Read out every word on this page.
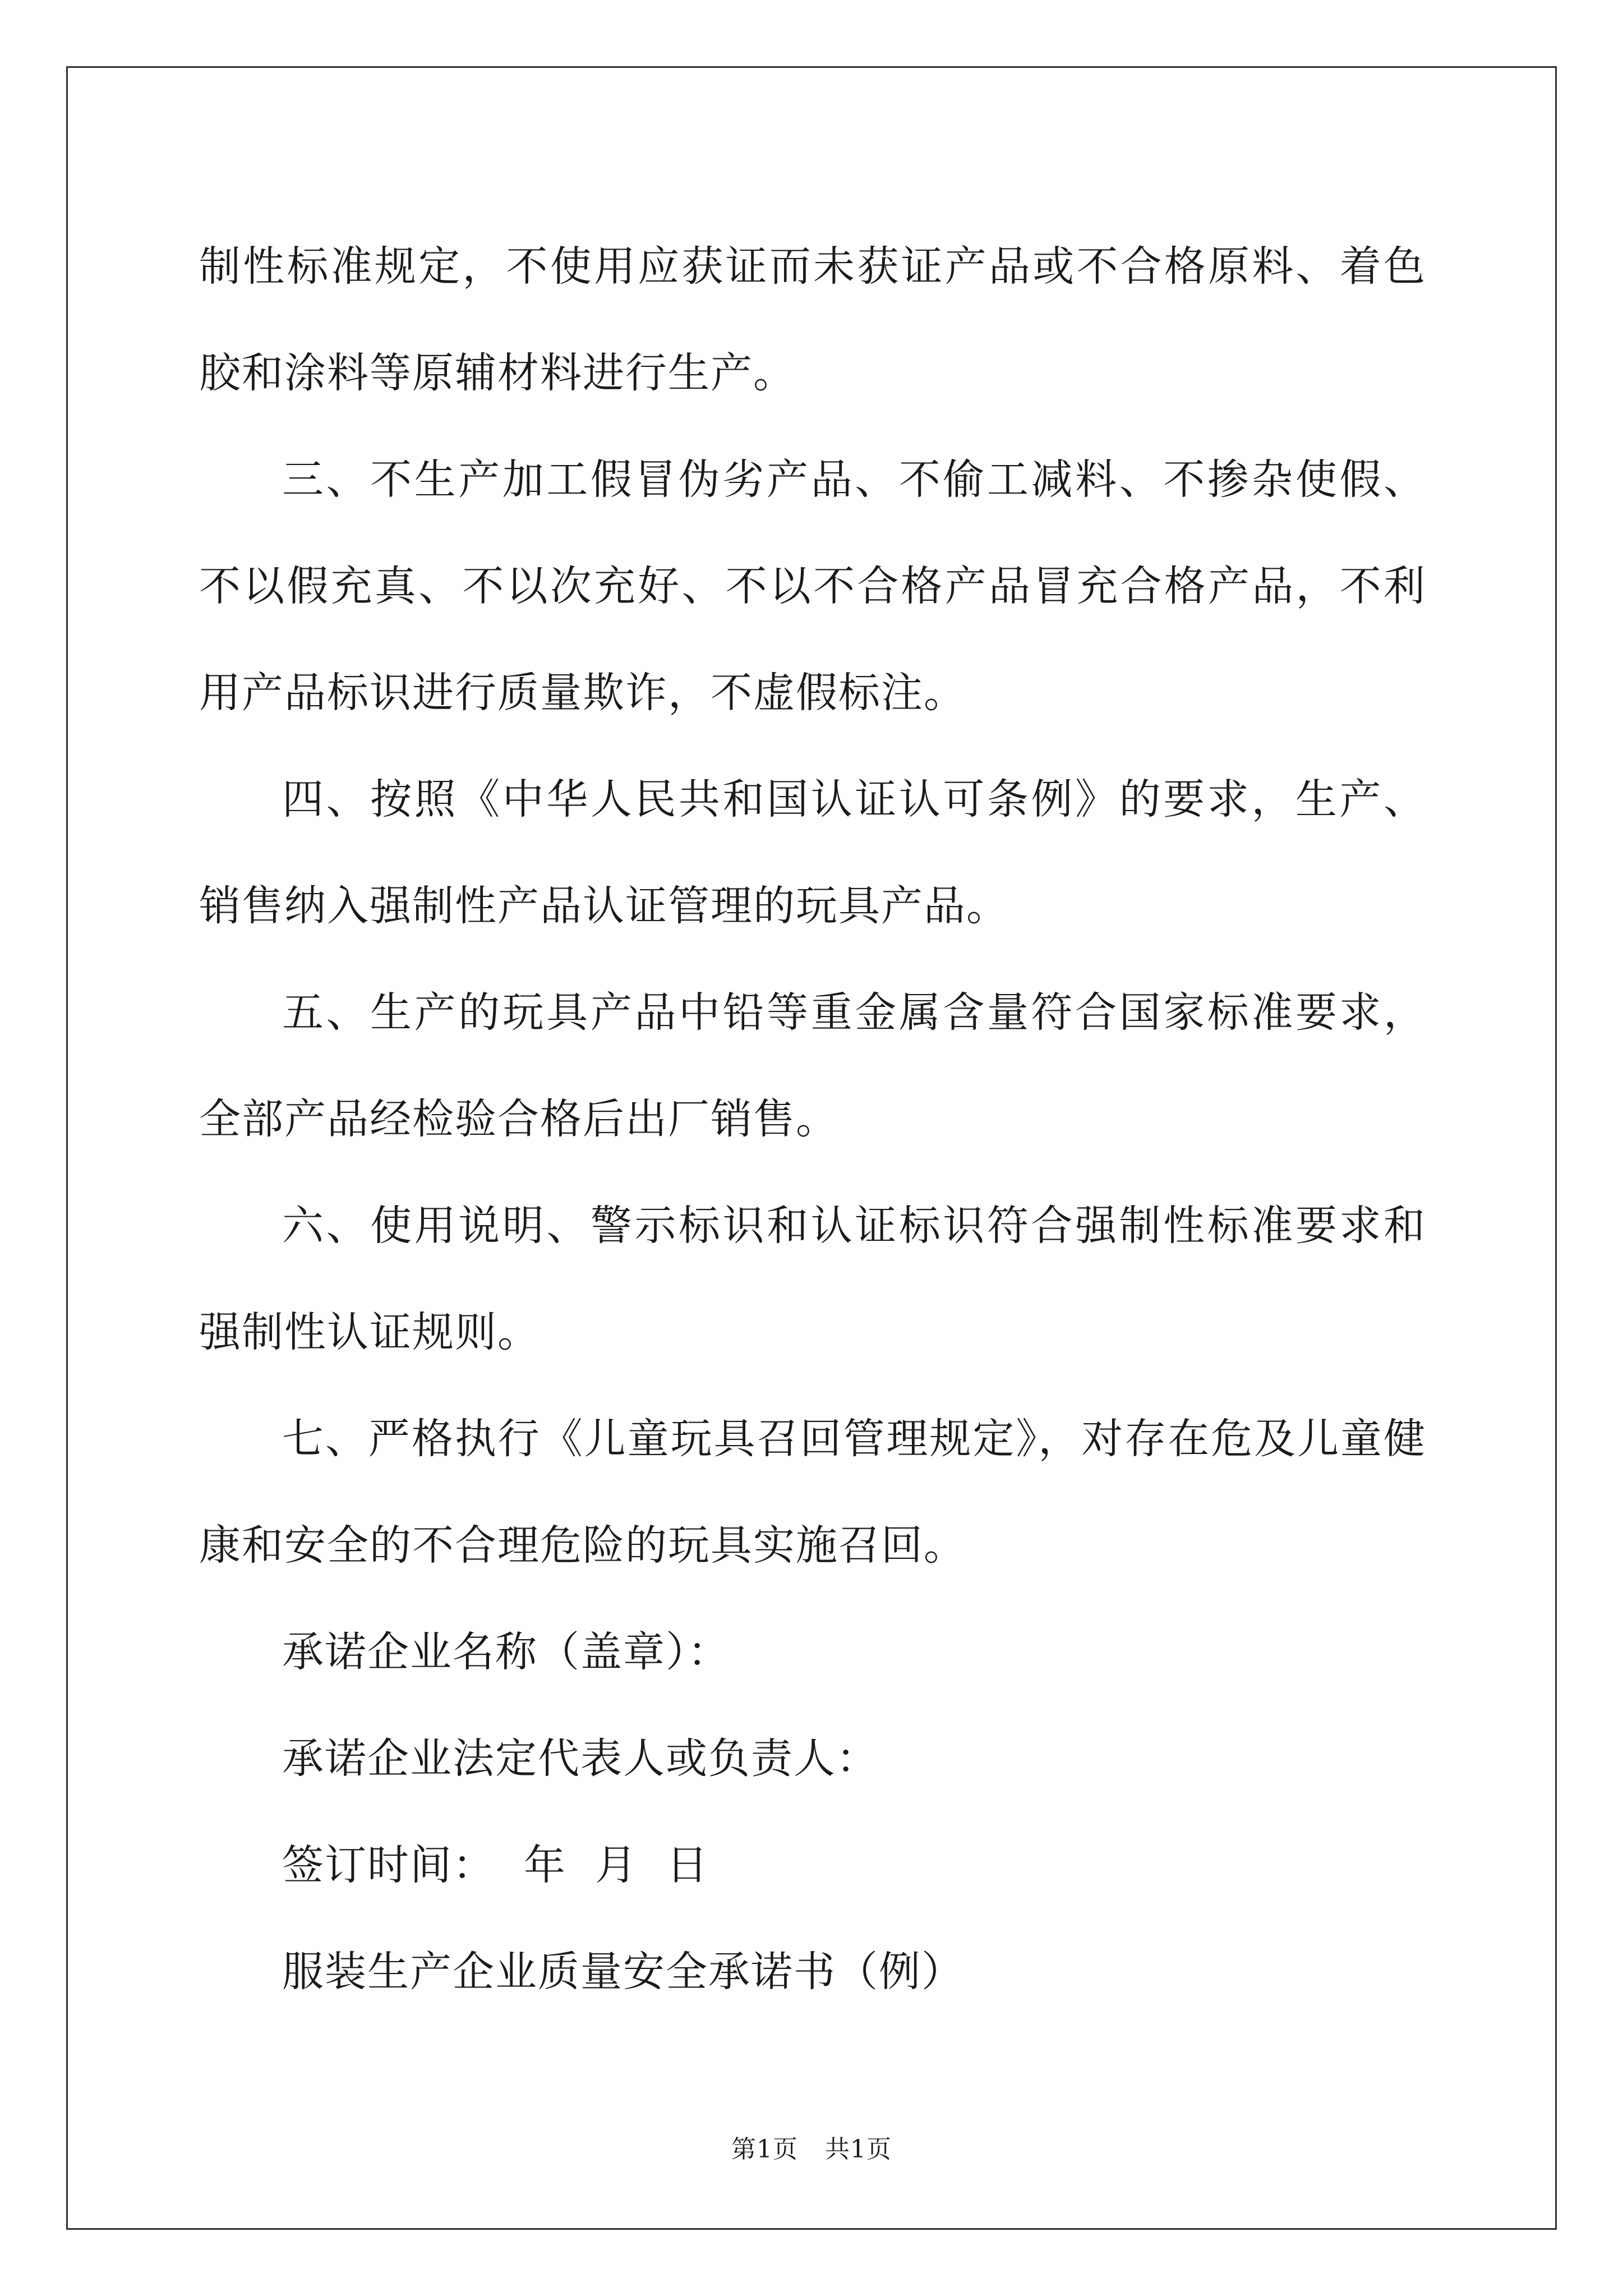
制性标准规定，不使用应获证而未获证产品或不合格原料、着色胶和涂料等原辅材料进行生产。

三、不生产加工假冒伪劣产品、不偷工减料、不掺杂使假、不以假充真、不以次充好、不以不合格产品冒充合格产品，不利用产品标识进行质量欺诈，不虚假标注。

四、按照《中华人民共和国认证认可条例》的要求，生产、销售纳入强制性产品认证管理的玩具产品。

五、生产的玩具产品中铅等重金属含量符合国家标准要求，全部产品经检验合格后出厂销售。

六、使用说明、警示标识和认证标识符合强制性标准要求和强制性认证规则。

七、严格执行《儿童玩具召回管理规定》，对存在危及儿童健康和安全的不合理危险的玩具实施召回。

承诺企业名称（盖章）：

承诺企业法定代表人或负责人：

签订时间：  年  月  日

服装生产企业质量安全承诺书（例）

第1页 共1页
